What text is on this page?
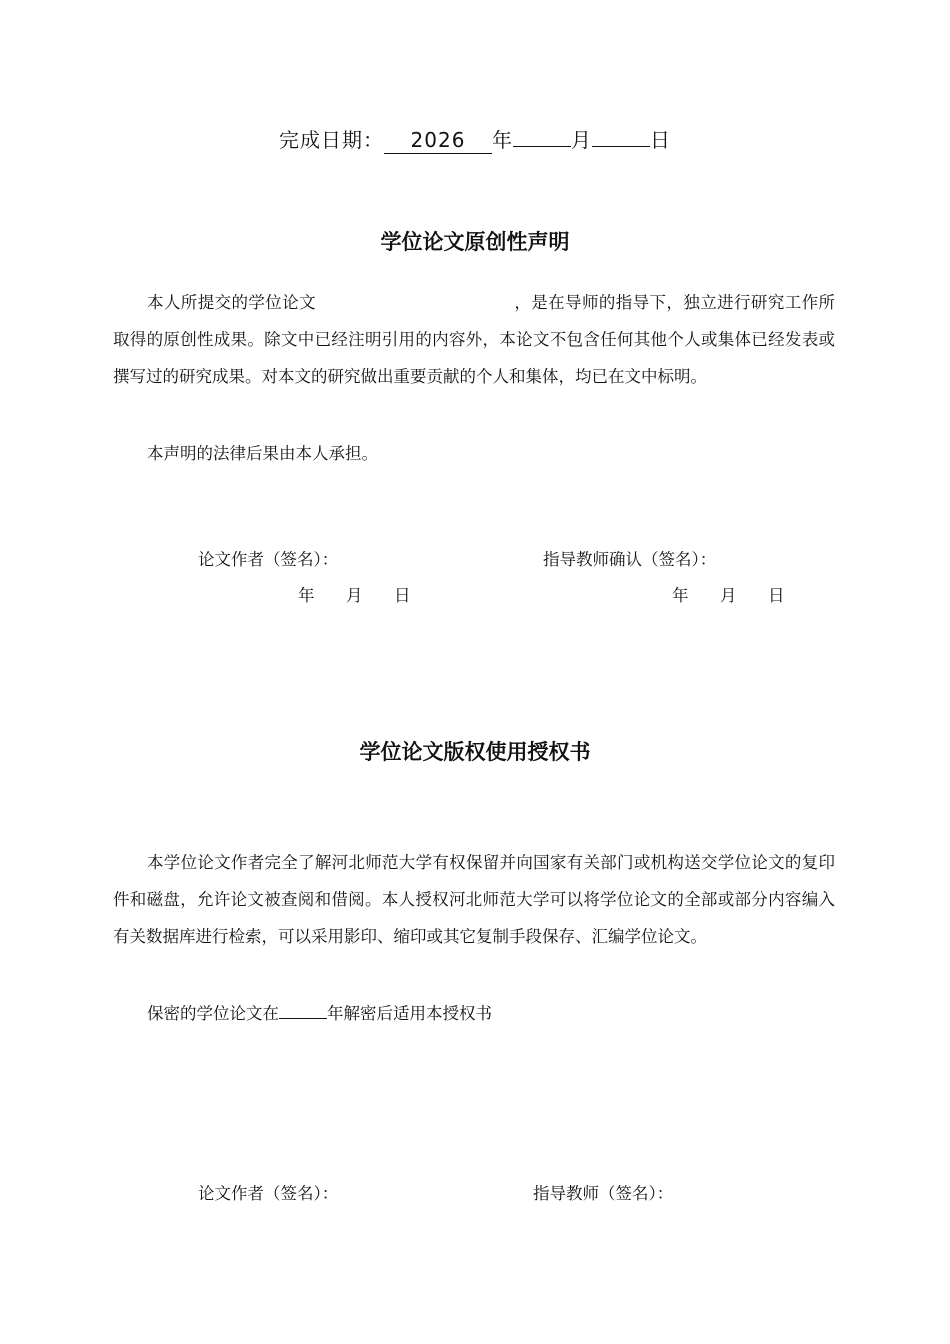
完成日期： 2026 年	月	日
学位论文原创性声明
本人所提交的学位论文	，是在导师的指导下，独立进行研究工作所取得的原创性成果。除文中已经注明引用的内容外，本论文不包含任何其他个人或集体已经发表或撰写过的研究成果。对本文的研究做出重要贡献的个人和集体，均已在文中标明。
本声明的法律后果由本人承担。
论文作者（签名）：	指导教师确认（签名）：
年 月 日	年 月 日
学位论文版权使用授权书
本学位论文作者完全了解河北师范大学有权保留并向国家有关部门或机构送交学位论文的复印件和磁盘，允许论文被查阅和借阅。本人授权河北师范大学可以将学位论文的全部或部分内容编入有关数据库进行检索，可以采用影印、缩印或其它复制手段保存、汇编学位论文。
保密的学位论文在	年解密后适用本授权书
论文作者（签名）：	指导教师（签名）：
